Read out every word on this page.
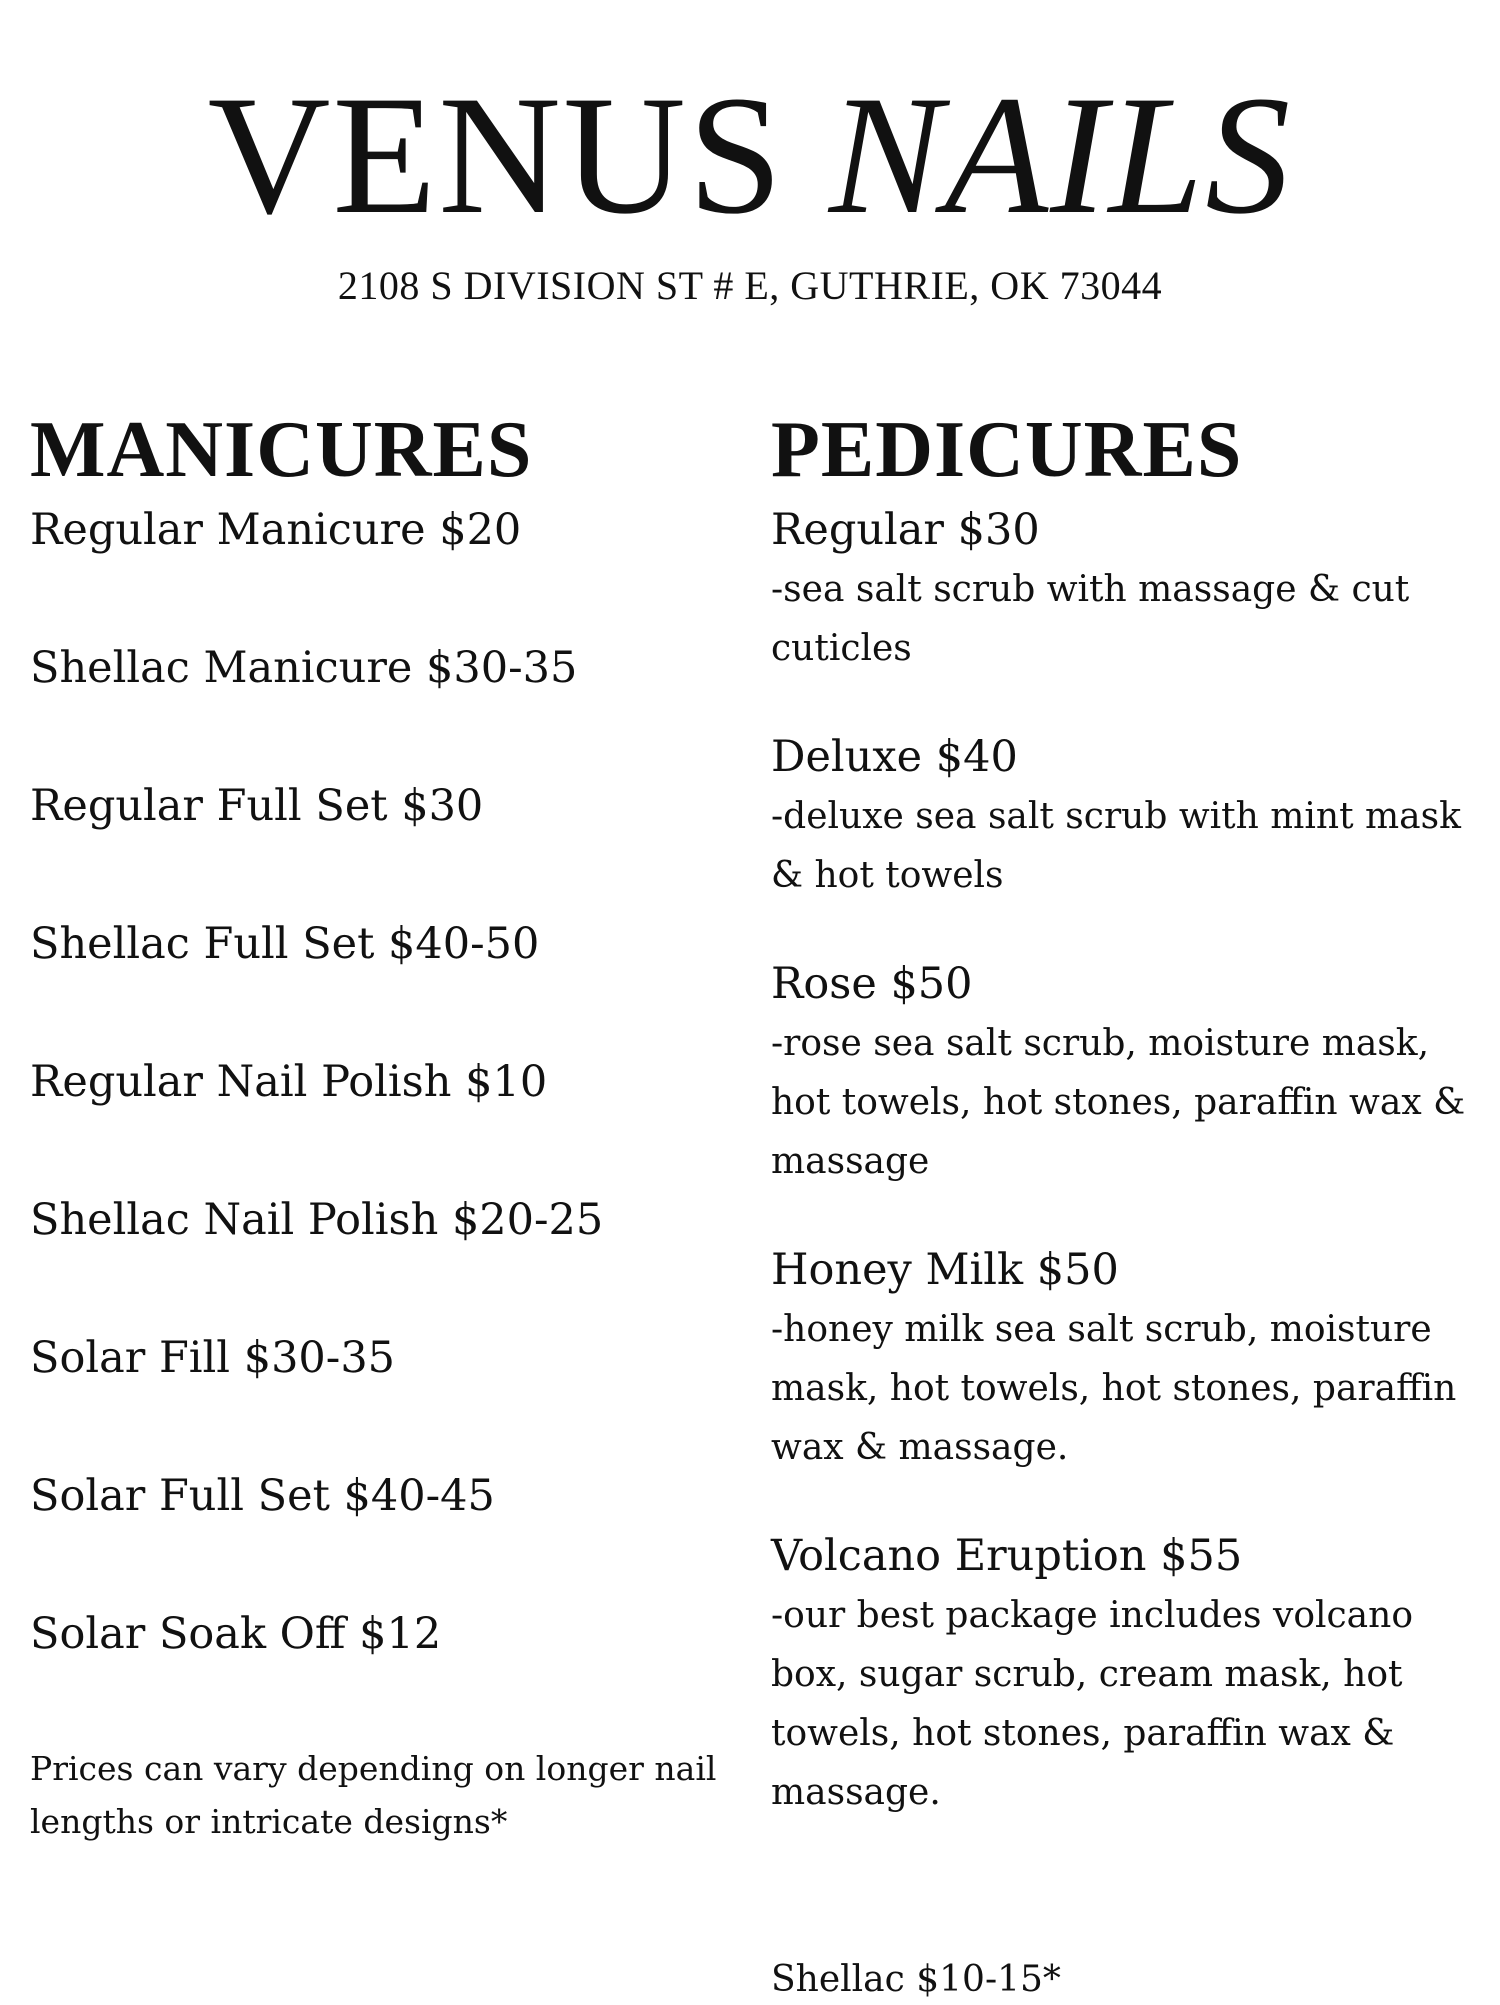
VENUS NAILS
2108 S DIVISION ST # E, GUTHRIE, OK 73044
MANICURES
Regular Manicure $20
Shellac Manicure $30-35
Regular Full Set $30
Shellac Full Set $40-50
Regular Nail Polish $10
Shellac Nail Polish $20-25
Solar Fill $30-35
Solar Full Set $40-45
Solar Soak Off $12
Prices can vary depending on longer nail lengths or intricate designs*
PEDICURES
Regular $30
-sea salt scrub with massage & cut cuticles
Deluxe $40
-deluxe sea salt scrub with mint mask & hot towels
Rose $50
-rose sea salt scrub, moisture mask, hot towels, hot stones, paraffin wax & massage
Honey Milk $50
-honey milk sea salt scrub, moisture mask, hot towels, hot stones, paraffin wax & massage.
Volcano Eruption $55
-our best package includes volcano box, sugar scrub, cream mask, hot towels, hot stones, paraffin wax & massage.
Shellac $10-15*
